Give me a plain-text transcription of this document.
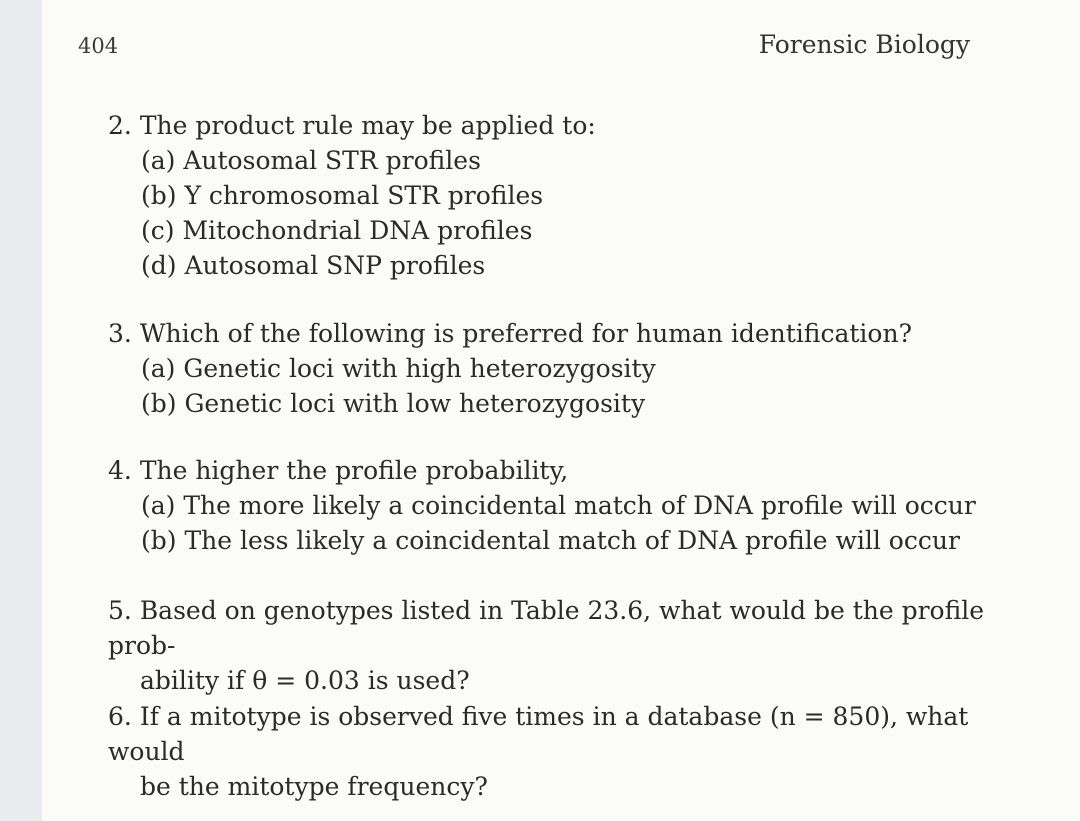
404	Forensic Biology
2. The product rule may be applied to:
(a) Autosomal STR profiles
(b) Y chromosomal STR profiles
(c) Mitochondrial DNA profiles
(d) Autosomal SNP profiles
3. Which of the following is preferred for human identification?
(a) Genetic loci with high heterozygosity
(b) Genetic loci with low heterozygosity
4. The higher the profile probability,
(a) The more likely a coincidental match of DNA profile will occur
(b) The less likely a coincidental match of DNA profile will occur
5. Based on genotypes listed in Table 23.6, what would be the profile prob-
ability if θ = 0.03 is used?
6. If a mitotype is observed five times in a database (n = 850), what would
be the mitotype frequency?
